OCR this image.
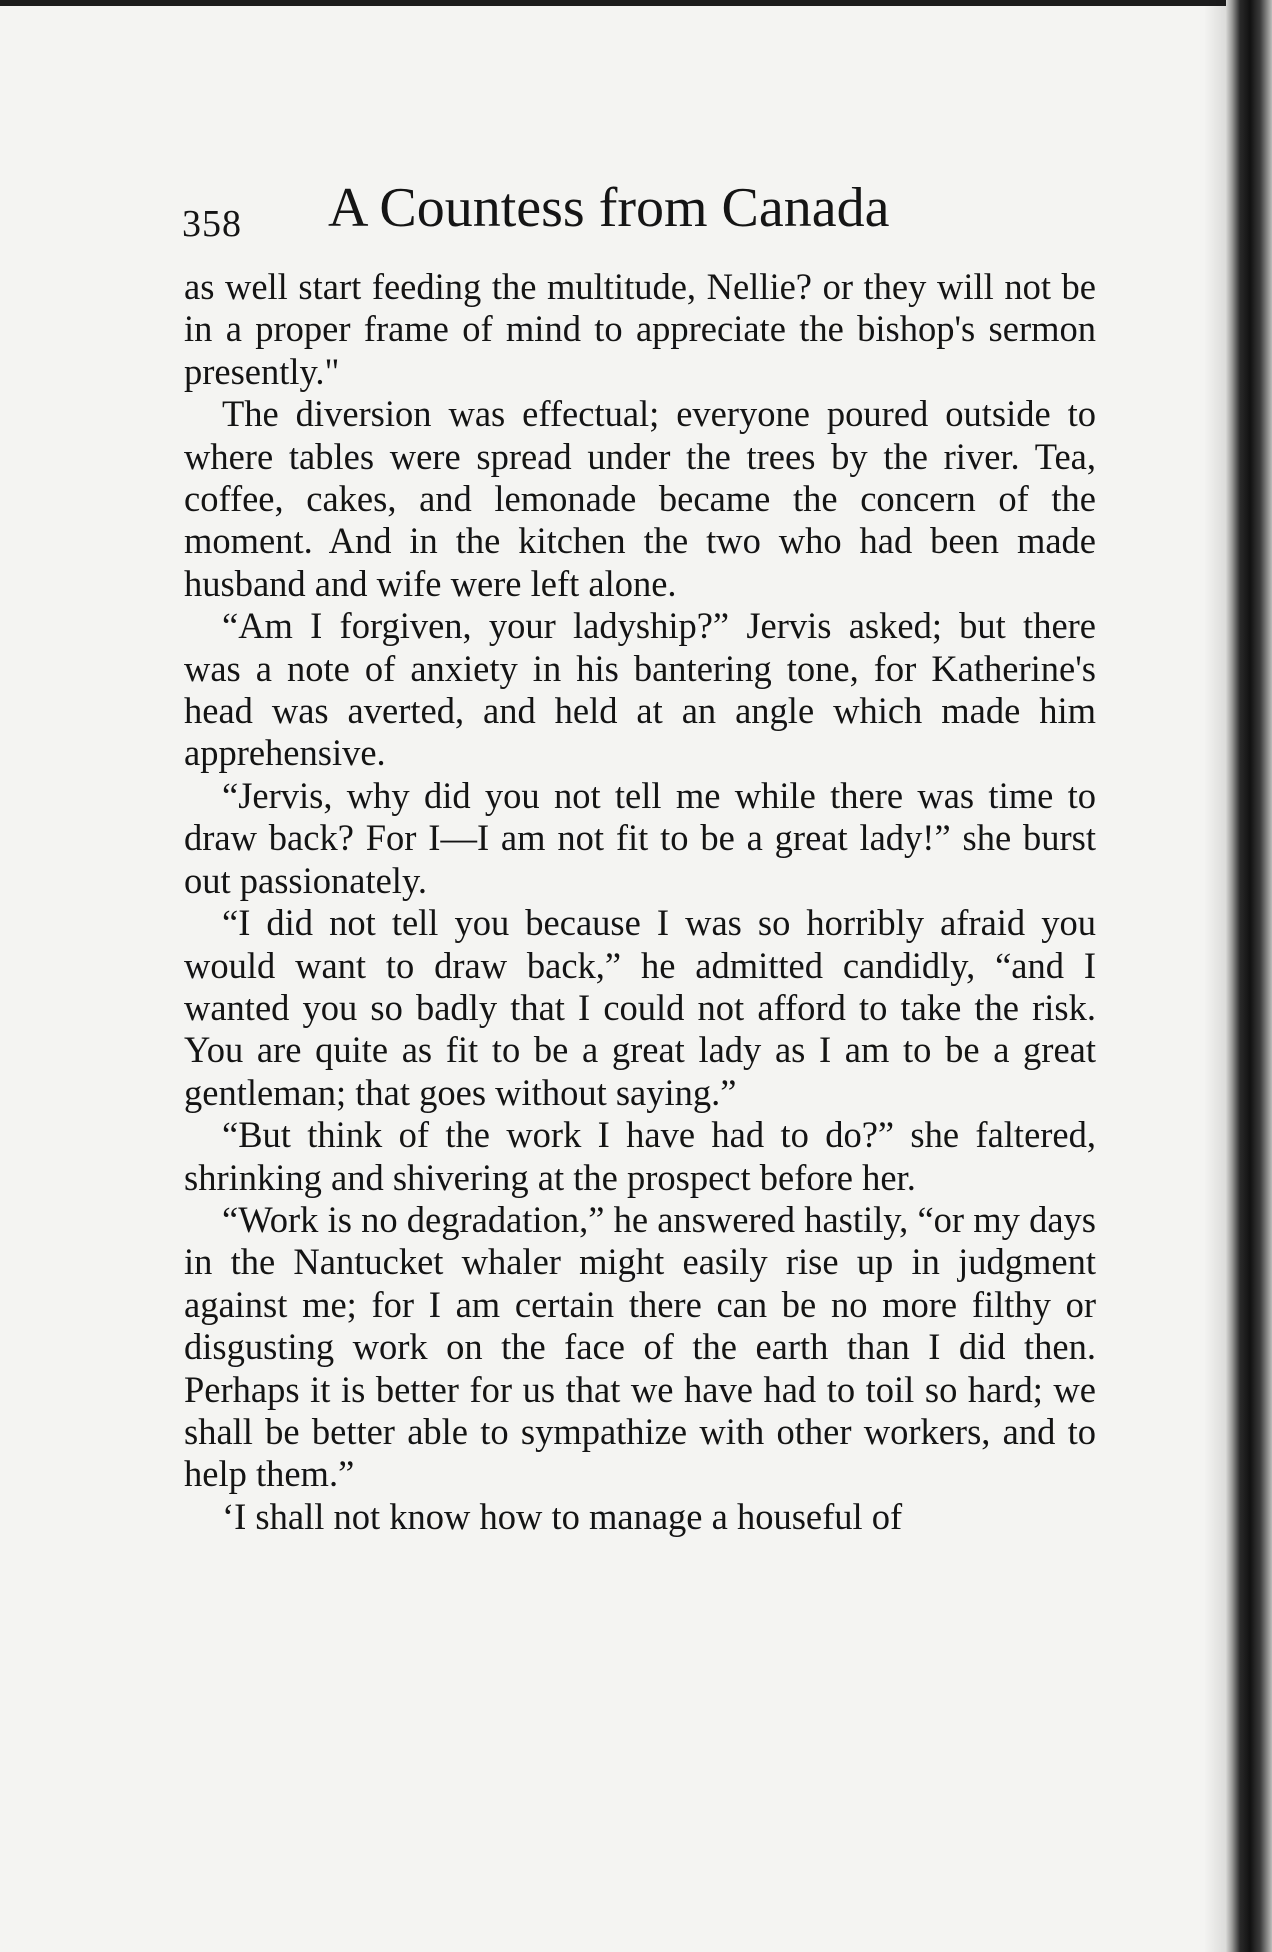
358 A Countess from Canada

as well start feeding the multitude, Nellie? or they will not be in a proper frame of mind to appreciate the bishop's sermon presently."

The diversion was effectual; everyone poured outside to where tables were spread under the trees by the river. Tea, coffee, cakes, and lemonade became the concern of the moment. And in the kitchen the two who had been made husband and wife were left alone.

“Am I forgiven, your ladyship?” Jervis asked; but there was a note of anxiety in his bantering tone, for Katherine's head was averted, and held at an angle which made him apprehensive.

“Jervis, why did you not tell me while there was time to draw back? For I—I am not fit to be a great lady!” she burst out passionately.

“I did not tell you because I was so horribly afraid you would want to draw back,” he admitted candidly, “and I wanted you so badly that I could not afford to take the risk. You are quite as fit to be a great lady as I am to be a great gentleman; that goes without saying.”

“But think of the work I have had to do?” she faltered, shrinking and shivering at the prospect before her.

“Work is no degradation,” he answered hastily, “or my days in the Nantucket whaler might easily rise up in judgment against me; for I am certain there can be no more filthy or disgusting work on the face of the earth than I did then. Perhaps it is better for us that we have had to toil so hard; we shall be better able to sympathize with other workers, and to help them.”

‘I shall not know how to manage a houseful of
